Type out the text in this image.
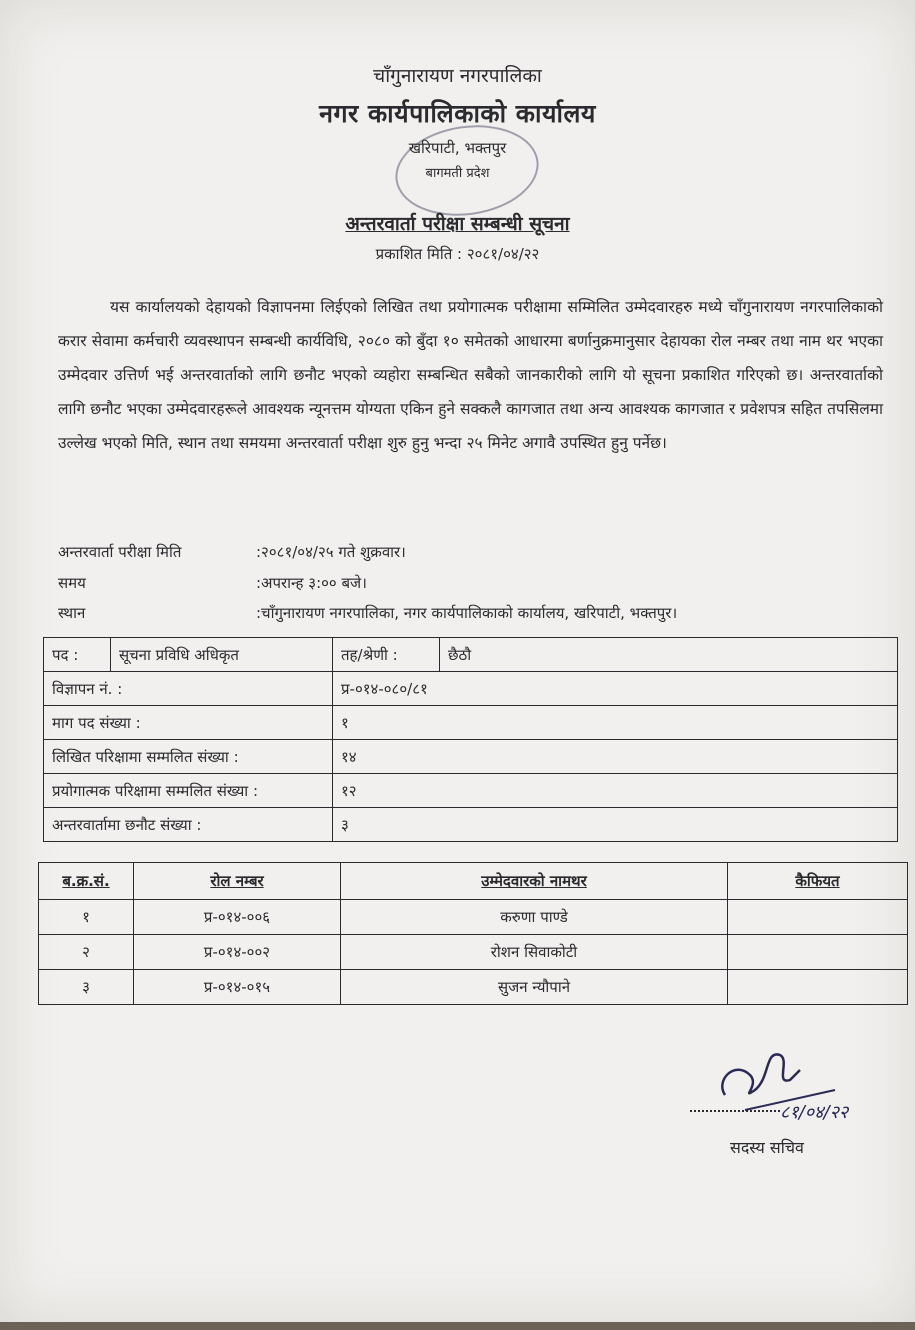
चाँगुनारायण नगरपालिका
नगर कार्यपालिकाको कार्यालय
खरिपाटी, भक्तपुर
बागमती प्रदेश
अन्तरवार्ता परीक्षा सम्बन्धी सूचना
प्रकाशित मिति : २०८१/०४/२२
यस कार्यालयको देहायको विज्ञापनमा लिईएको लिखित तथा प्रयोगात्मक परीक्षामा सम्मिलित उम्मेदवारहरु मध्ये चाँगुनारायण नगरपालिकाको करार सेवामा कर्मचारी व्यवस्थापन सम्बन्धी कार्यविधि, २०८० को बुँदा १० समेतको आधारमा बर्णानुक्रमानुसार देहायका रोल नम्बर तथा नाम थर भएका उम्मेदवार उत्तिर्ण भई अन्तरवार्ताको लागि छनौट भएको व्यहोरा सम्बन्धित सबैको जानकारीको लागि यो सूचना प्रकाशित गरिएको छ। अन्तरवार्ताको लागि छनौट भएका उम्मेदवारहरूले आवश्यक न्यूनत्तम योग्यता एकिन हुने सक्कलै कागजात तथा अन्य आवश्यक कागजात र प्रवेशपत्र सहित तपसिलमा उल्लेख भएको मिति, स्थान तथा समयमा अन्तरवार्ता परीक्षा शुरु हुनु भन्दा २५ मिनेट अगावै उपस्थित हुनु पर्नेछ।
अन्तरवार्ता परीक्षा मिति	:२०८१/०४/२५ गते शुक्रवार।
समय	:अपरान्ह ३:०० बजे।
स्थान	:चाँगुनारायण नगरपालिका, नगर कार्यपालिकाको कार्यालय, खरिपाटी, भक्तपुर।
पद :	सूचना प्रविधि अधिकृत	तह/श्रेणी :	छैठौ
विज्ञापन नं. :		प्र-०१४-०८०/८१	
माग पद संख्या :		१	
लिखित परिक्षामा सम्मलित संख्या :		१४	
प्रयोगात्मक परिक्षामा सम्मलित संख्या :		१२	
अन्तरवार्तामा छनौट संख्या :		३	
ब.क्र.सं.	रोल नम्बर	उम्मेदवारको नामथर	कैफियत
१	प्र-०१४-००६	करुणा पाण्डे	
२	प्र-०१४-००२	रोशन सिवाकोटी	
३	प्र-०१४-०१५	सुजन न्यौपाने	
८१/०४/२२
सदस्य सचिव
